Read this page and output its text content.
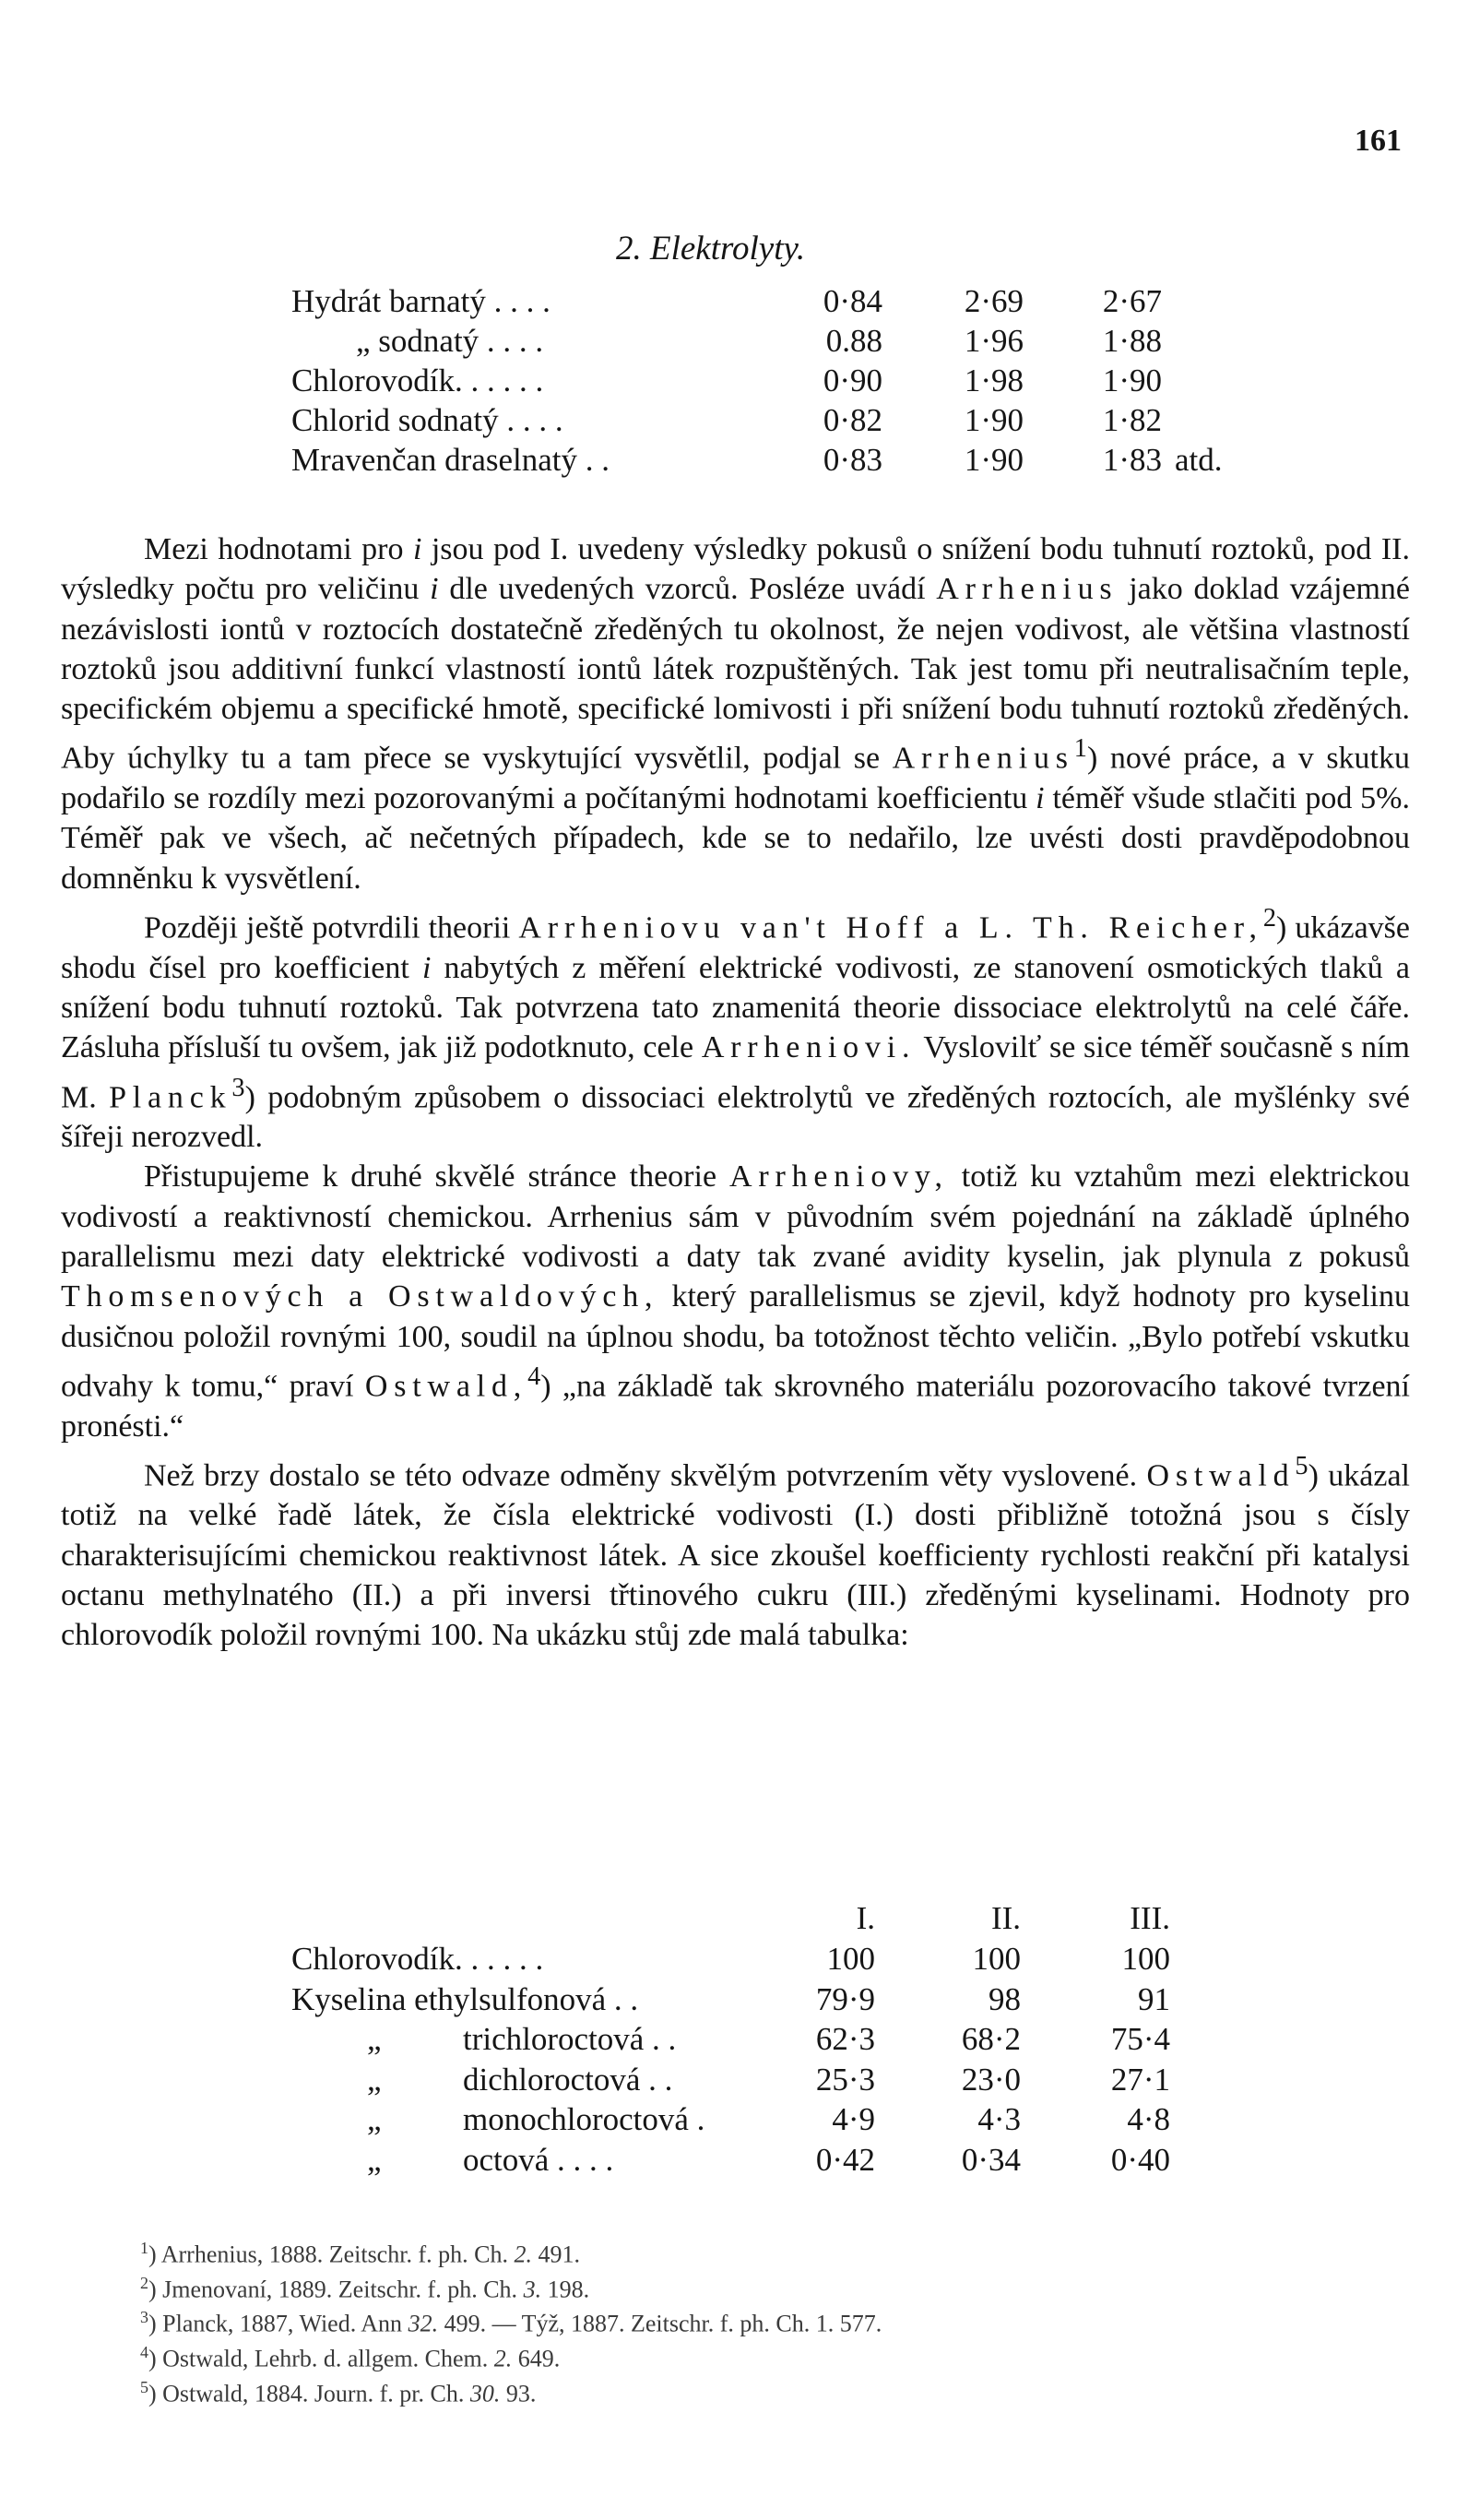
161
2. Elektrolyty.
Hydrát barnatý . . . .	0·84	2·69	2·67
„ sodnatý . . . .	0.88	1·96	1·88
Chlorovodík. . . . . .	0·90	1·98	1·90
Chlorid sodnatý . . . .	0·82	1·90	1·82
Mravenčan draselnatý . .	0·83	1·90	1·83 atd.

Mezi hodnotami pro i jsou pod I. uvedeny výsledky pokusů o snížení bodu tuhnutí roztoků, pod II. výsledky počtu pro veličinu i dle uvedených vzorců. Posléze uvádí Arrhenius jako doklad vzájemné nezávislosti iontů v roztocích dostatečně zředěných tu okolnost, že nejen vodivost, ale většina vlastností roztoků jsou additivní funkcí vlastností iontů látek rozpuštěných. Tak jest tomu při neutralisačním teple, specifickém objemu a specifické hmotě, specifické lomivosti i při snížení bodu tuhnutí roztoků zředěných. Aby úchylky tu a tam přece se vyskytující vysvětlil, podjal se Arrhenius$^1$) nové práce, a v skutku podařilo se rozdíly mezi pozorovanými a počítanými hodnotami koefficientu i téměř všude stlačiti pod 5%. Téměř pak ve všech, ač nečetných případech, kde se to nedařilo, lze uvésti dosti pravděpodobnou domněnku k vysvětlení.

Později ještě potvrdili theorii Arrheniovu van't Hoff a L. Th. Reicher,$^2$) ukázavše shodu čísel pro koefficient i nabytých z měření elektrické vodivosti, ze stanovení osmotických tlaků a snížení bodu tuhnutí roztoků. Tak potvrzena tato znamenitá theorie dissociace elektrolytů na celé čáře. Zásluha přísluší tu ovšem, jak již podotknuto, cele Arrheniovi. Vyslovilť se sice téměř současně s ním M. Planck$^3$) podobným způsobem o dissociaci elektrolytů ve zředěných roztocích, ale myšlénky své šířeji nerozvedl.

Přistupujeme k druhé skvělé stránce theorie Arrheniovy, totiž ku vztahům mezi elektrickou vodivostí a reaktivností chemickou. Arrhenius sám v původním svém pojednání na základě úplného parallelismu mezi daty elektrické vodivosti a daty tak zvané avidity kyselin, jak plynula z pokusů Thomsenových a Ostwaldových, který parallelismus se zjevil, když hodnoty pro kyselinu dusičnou položil rovnými 100, soudil na úplnou shodu, ba totožnost těchto veličin. „Bylo potřebí vskutku odvahy k tomu,“ praví Ostwald,$^4$) „na základě tak skrovného materiálu pozorovacího takové tvrzení pronésti.“

Než brzy dostalo se této odvaze odměny skvělým potvrzením věty vyslovené. Ostwald$^5$) ukázal totiž na velké řadě látek, že čísla elektrické vodivosti (I.) dosti přibližně totožná jsou s čísly charakterisujícími chemickou reaktivnost látek. A sice zkoušel koefficienty rychlosti reakční při katalysi octanu methylnatého (II.) a při inversi třtinového cukru (III.) zředěnými kyselinami. Hodnoty pro chlorovodík položil rovnými 100. Na ukázku stůj zde malá tabulka:

I.	II.	III.
Chlorovodík. . . . . .	100	100	100
Kyselina ethylsulfonová . .	79·9	98	91
„	trichloroctová . .	62·3	68·2	75·4
„	dichloroctová . .	25·3	23·0	27·1
„	monochloroctová .	4·9	4·3	4·8
„	octová . . . .	0·42	0·34	0·40
$^1$) Arrhenius, 1888. Zeitschr. f. ph. Ch. 2. 491.
$^2$) Jmenovaní, 1889. Zeitschr. f. ph. Ch. 3. 198.
$^3$) Planck, 1887, Wied. Ann 32. 499. — Týž, 1887. Zeitschr. f. ph. Ch. 1. 577.
$^4$) Ostwald, Lehrb. d. allgem. Chem. 2. 649.
$^5$) Ostwald, 1884. Journ. f. pr. Ch. 30. 93.
